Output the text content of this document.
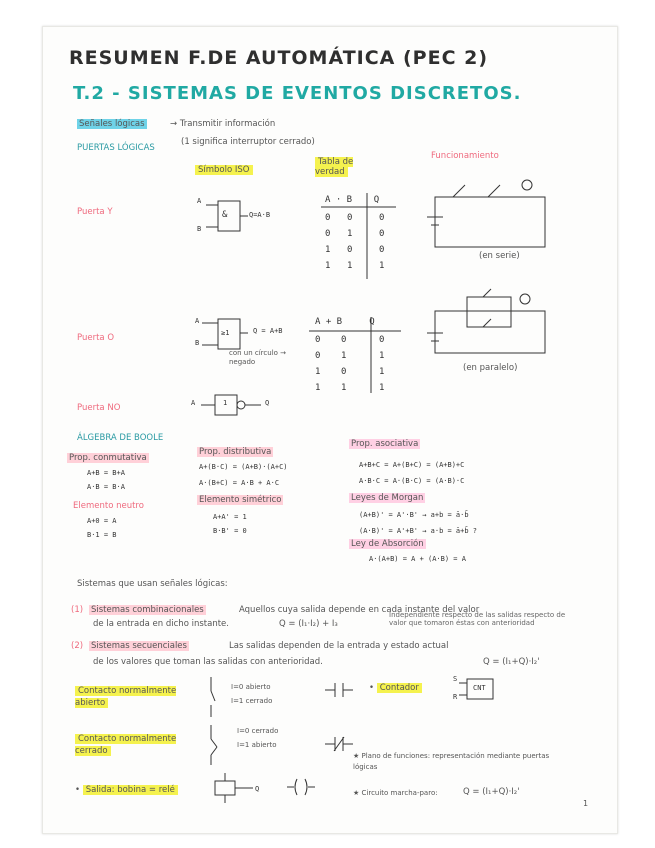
RESUMEN F.DE AUTOMÁTICA (PEC 2)
T.2 - SISTEMAS DE EVENTOS DISCRETOS.
Señales lógicas	→ Transmitir información
PUERTAS LÓGICAS
(1 significa interruptor cerrado)
Símbolo ISO
Tabla de verdad
Funcionamiento
Puerta Y	&	Q=A·B
A
B
A · B Q
0 0	0
0 1	0
1 0	0
1 1	1
(en serie)
Puerta O	≥1	Q = A+B
A
B
con un círculo → negado
A + B	Q
0 0	0
0 1	1
1 0	1
1 1	1
(en paralelo)
Puerta NO	A	1	Q
ÁLGEBRA DE BOOLE
Prop. conmutativa
A+B = B+A
A·B = B·A
Prop. distributiva
A+(B·C) = (A+B)·(A+C)
A·(B+C) = A·B + A·C
Prop. asociativa
A+B+C = A+(B+C) = (A+B)+C
A·B·C = A·(B·C) = (A·B)·C
Elemento neutro
A+0 = A
B·1 = B
Elemento simétrico
A+A' = 1
B·B' = 0
Leyes de Morgan
(A+B)' = A'·B' → a+b = ā·b̄
(A·B)' = A'+B' → a·b = ā+b̄ ?
Ley de Absorción
A·(A+B) = A + (A·B) = A
Sistemas que usan señales lógicas:
(1) Sistemas combinacionales	Aquellos cuya salida depende en cada instante del valor
de la entrada en dicho instante.	Q = (I₁·I₂) + I₃
Independiente respecto de las salidas respecto de valor que tomaron éstas con anterioridad
(2) Sistemas secuenciales	Las salidas dependen de la entrada y estado actual
de los valores que toman las salidas con anterioridad.	Q = (I₁+Q)·I₂'
Contacto normalmente abierto
I=0 abierto
I=1 cerrado
• Contador	CNT
S
R
Contacto normalmente cerrado
I=0 cerrado
I=1 abierto
★ Plano de funciones: representación mediante puertas lógicas
• Salida: bobina = relé	Q	★ Circuito marcha-paro:	Q = (I₁+Q)·I₂'
1
